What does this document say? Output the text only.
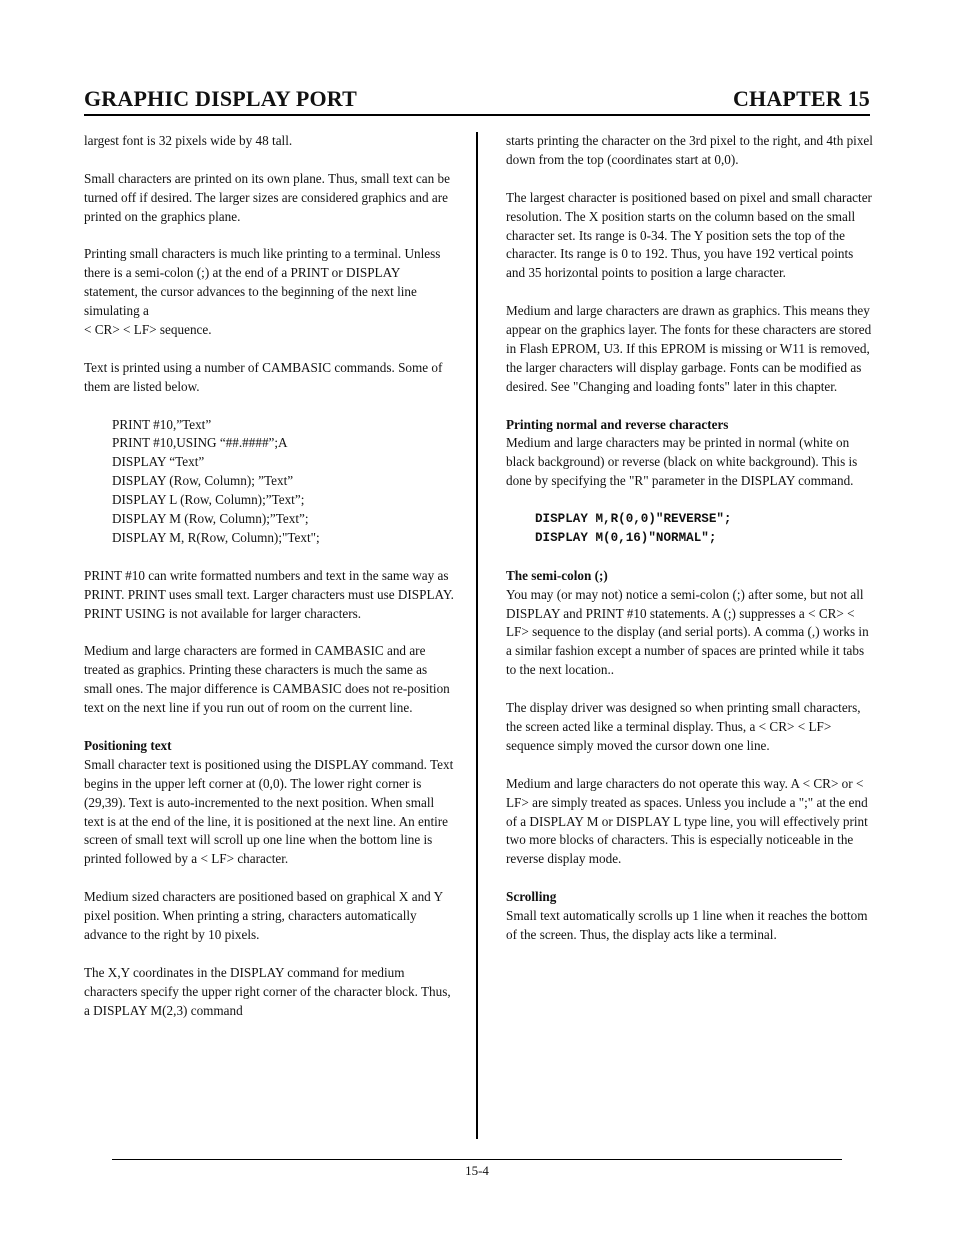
GRAPHIC DISPLAY PORT	CHAPTER 15

largest font is 32 pixels wide by 48 tall.

Small characters are printed on its own plane. Thus, small text can be turned off if desired. The larger sizes are considered graphics and are printed on the graphics plane.

Printing small characters is much like printing to a terminal. Unless there is a semi-colon (;) at the end of a PRINT or DISPLAY statement, the cursor advances to the beginning of the next line simulating a
< CR> < LF> sequence.

Text is printed using a number of CAMBASIC commands. Some of them are listed below.

PRINT #10,”Text”
PRINT #10,USING “##.####”;A
DISPLAY “Text”
DISPLAY (Row, Column); ”Text”
DISPLAY L (Row, Column);”Text”;
DISPLAY M (Row, Column);”Text”;
DISPLAY M, R(Row, Column);"Text";

PRINT #10 can write formatted numbers and text in the same way as PRINT. PRINT uses small text. Larger characters must use DISPLAY. PRINT USING is not available for larger characters.

Medium and large characters are formed in CAMBASIC and are treated as graphics. Printing these characters is much the same as small ones. The major difference is CAMBASIC does not re-position text on the next line if you run out of room on the current line.

Positioning text
Small character text is positioned using the DISPLAY command. Text begins in the upper left corner at (0,0). The lower right corner is (29,39). Text is auto-incremented to the next position. When small text is at the end of the line, it is positioned at the next line. An entire screen of small text will scroll up one line when the bottom line is printed followed by a < LF> character.

Medium sized characters are positioned based on graphical X and Y pixel position. When printing a string, characters automatically advance to the right by 10 pixels.

The X,Y coordinates in the DISPLAY command for medium characters specify the upper right corner of the character block. Thus, a DISPLAY M(2,3) command

starts printing the character on the 3rd pixel to the right, and 4th pixel down from the top (coordinates start at 0,0).

The largest character is positioned based on pixel and small character resolution. The X position starts on the column based on the small character set. Its range is 0-34. The Y position sets the top of the character. Its range is 0 to 192. Thus, you have 192 vertical points and 35 horizontal points to position a large character.

Medium and large characters are drawn as graphics. This means they appear on the graphics layer. The fonts for these characters are stored in Flash EPROM, U3. If this EPROM is missing or W11 is removed, the larger characters will display garbage. Fonts can be modified as desired. See "Changing and loading fonts" later in this chapter.

Printing normal and reverse characters
Medium and large characters may be printed in normal (white on black background) or reverse (black on white background). This is done by specifying the "R" parameter in the DISPLAY command.

DISPLAY M,R(0,0)"REVERSE";
DISPLAY M(0,16)"NORMAL";

The semi-colon (;)
You may (or may not) notice a semi-colon (;) after some, but not all DISPLAY and PRINT #10 statements. A (;) suppresses a < CR> < LF> sequence to the display (and serial ports). A comma (,) works in a similar fashion except a number of spaces are printed while it tabs to the next location..

The display driver was designed so when printing small characters, the screen acted like a terminal display. Thus, a < CR> < LF> sequence simply moved the cursor down one line.

Medium and large characters do not operate this way. A < CR> or < LF> are simply treated as spaces. Unless you include a ";" at the end of a DISPLAY M or DISPLAY L type line, you will effectively print two more blocks of characters. This is especially noticeable in the reverse display mode.

Scrolling
Small text automatically scrolls up 1 line when it reaches the bottom of the screen. Thus, the display acts like a terminal.

15-4
